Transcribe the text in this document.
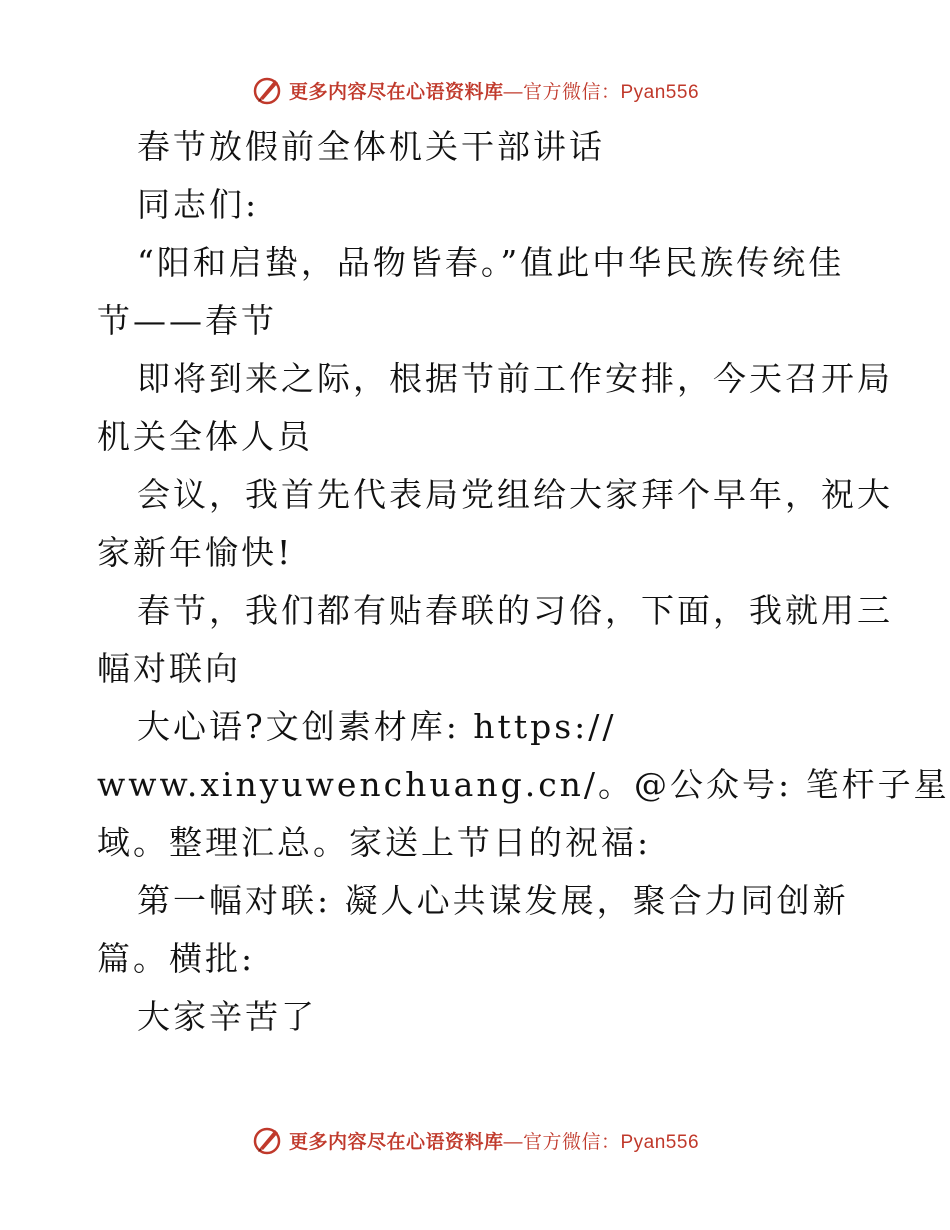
更多内容尽在心语资料库—官方微信：Pyan556
春节放假前全体机关干部讲话
同志们:
“阳和启蛰，品物皆春。”值此中华民族传统佳
节——春节
即将到来之际，根据节前工作安排，今天召开局
机关全体人员
会议，我首先代表局党组给大家拜个早年，祝大
家新年愉快!
春节，我们都有贴春联的习俗，下面，我就用三
幅对联向
大心语?文创素材库: https://
www.xinyuwenchuang.cn/。@公众号: 笔杆子星
域。整理汇总。家送上节日的祝福:
第一幅对联: 凝人心共谋发展，聚合力同创新
篇。横批:
大家辛苦了
更多内容尽在心语资料库—官方微信：Pyan556
